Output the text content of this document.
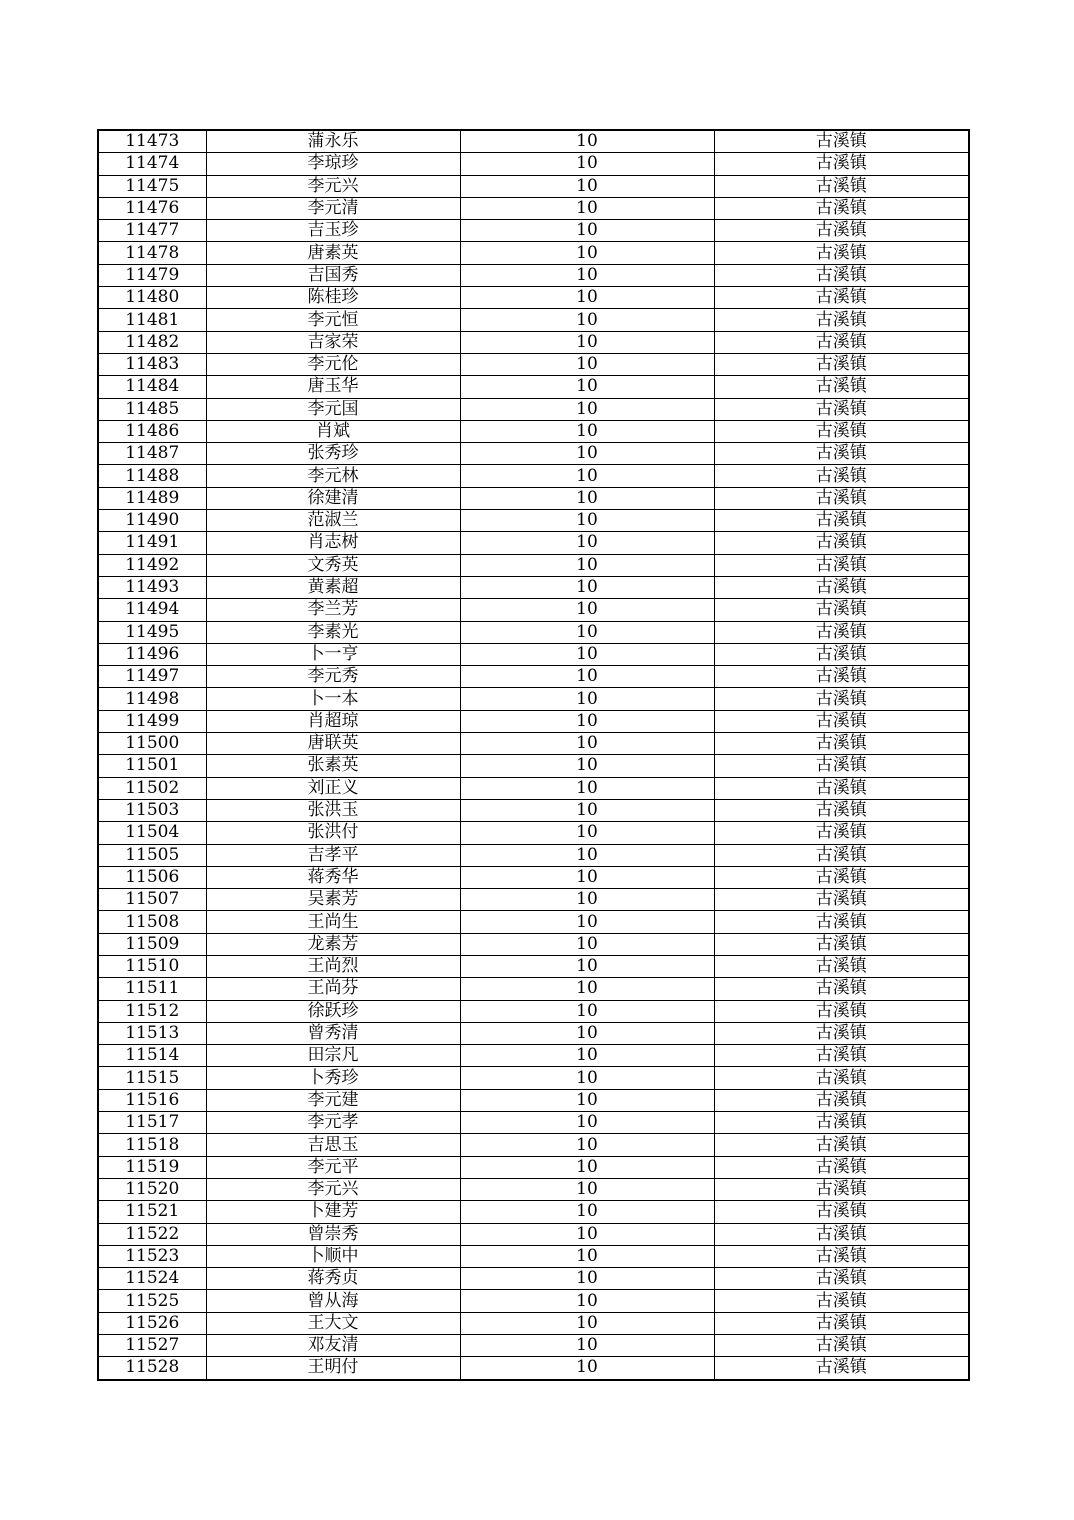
11473	蒲永乐	10	古溪镇
11474	李琼珍	10	古溪镇
11475	李元兴	10	古溪镇
11476	李元清	10	古溪镇
11477	吉玉珍	10	古溪镇
11478	唐素英	10	古溪镇
11479	吉国秀	10	古溪镇
11480	陈桂珍	10	古溪镇
11481	李元恒	10	古溪镇
11482	吉家荣	10	古溪镇
11483	李元伦	10	古溪镇
11484	唐玉华	10	古溪镇
11485	李元国	10	古溪镇
11486	肖斌	10	古溪镇
11487	张秀珍	10	古溪镇
11488	李元林	10	古溪镇
11489	徐建清	10	古溪镇
11490	范淑兰	10	古溪镇
11491	肖志树	10	古溪镇
11492	文秀英	10	古溪镇
11493	黄素超	10	古溪镇
11494	李兰芳	10	古溪镇
11495	李素光	10	古溪镇
11496	卜一亨	10	古溪镇
11497	李元秀	10	古溪镇
11498	卜一本	10	古溪镇
11499	肖超琼	10	古溪镇
11500	唐联英	10	古溪镇
11501	张素英	10	古溪镇
11502	刘正义	10	古溪镇
11503	张洪玉	10	古溪镇
11504	张洪付	10	古溪镇
11505	吉孝平	10	古溪镇
11506	蒋秀华	10	古溪镇
11507	吴素芳	10	古溪镇
11508	王尚生	10	古溪镇
11509	龙素芳	10	古溪镇
11510	王尚烈	10	古溪镇
11511	王尚芬	10	古溪镇
11512	徐跃珍	10	古溪镇
11513	曾秀清	10	古溪镇
11514	田宗凡	10	古溪镇
11515	卜秀珍	10	古溪镇
11516	李元建	10	古溪镇
11517	李元孝	10	古溪镇
11518	吉思玉	10	古溪镇
11519	李元平	10	古溪镇
11520	李元兴	10	古溪镇
11521	卜建芳	10	古溪镇
11522	曾崇秀	10	古溪镇
11523	卜顺中	10	古溪镇
11524	蒋秀贞	10	古溪镇
11525	曾从海	10	古溪镇
11526	王大文	10	古溪镇
11527	邓友清	10	古溪镇
11528	王明付	10	古溪镇
